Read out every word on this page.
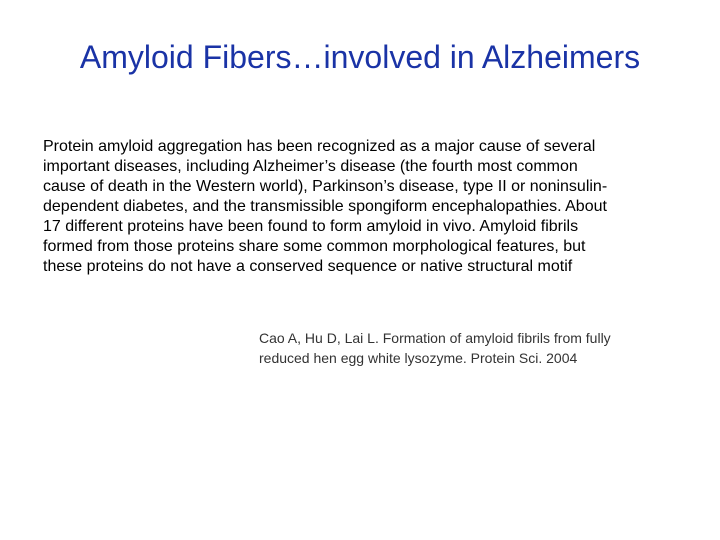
Amyloid Fibers…involved in Alzheimers
Protein amyloid aggregation has been recognized as a major cause of several
important diseases, including Alzheimer’s disease (the fourth most common
cause of death in the Western world), Parkinson’s disease, type II or noninsulin-
dependent diabetes, and the transmissible spongiform encephalopathies. About
17 different proteins have been found to form amyloid in vivo. Amyloid fibrils
formed from those proteins share some common morphological features, but
these proteins do not have a conserved sequence or native structural motif
Cao A, Hu D, Lai L. Formation of amyloid fibrils from fully
reduced hen egg white lysozyme. Protein Sci. 2004
